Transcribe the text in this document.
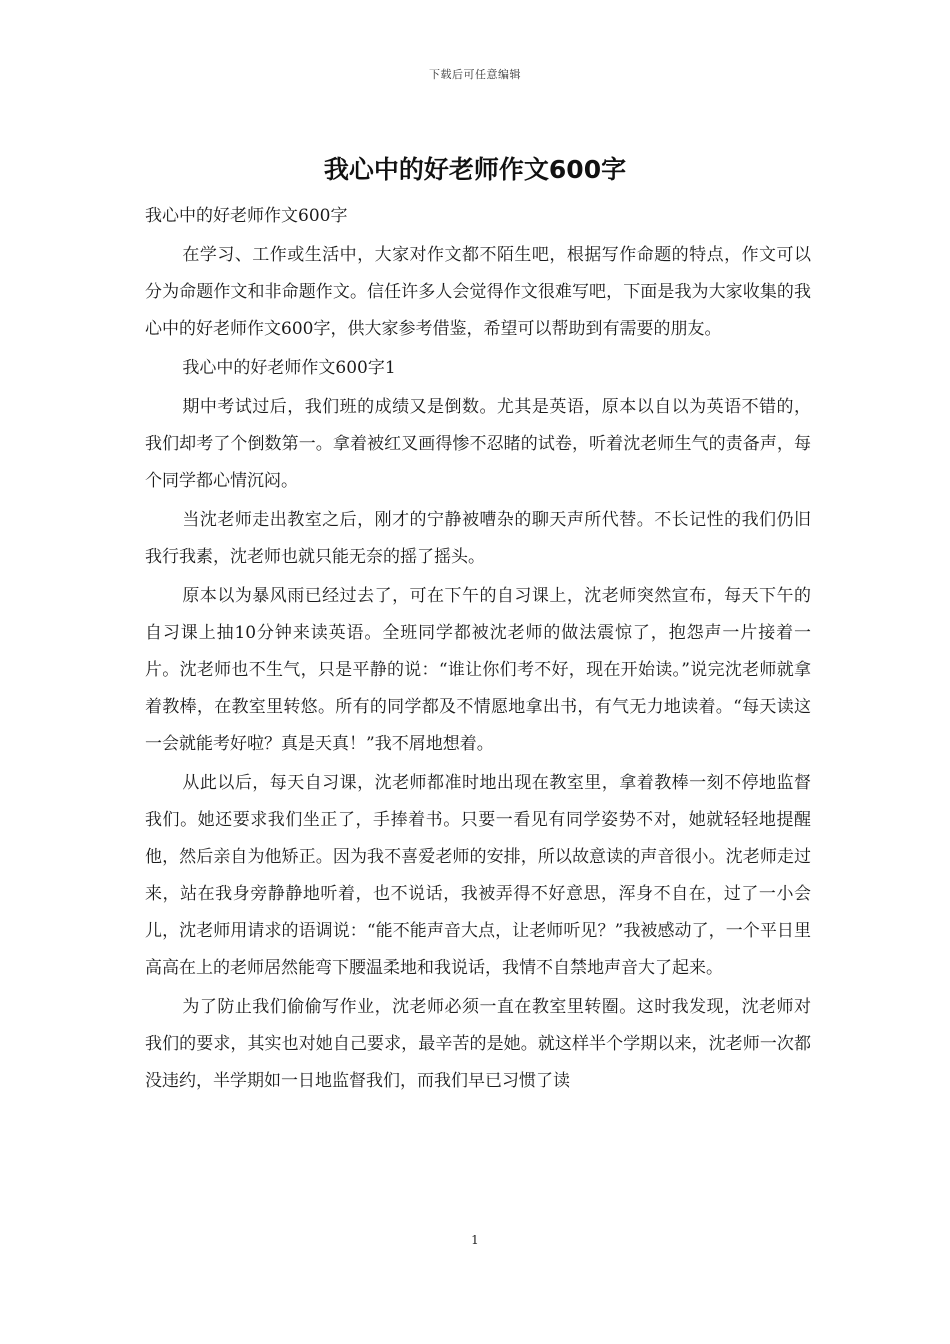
下载后可任意编辑
我心中的好老师作文600字

我心中的好老师作文600字

在学习、工作或生活中，大家对作文都不陌生吧，根据写作命题的特点，作文可以分为命题作文和非命题作文。信任许多人会觉得作文很难写吧，下面是我为大家收集的我心中的好老师作文600字，供大家参考借鉴，希望可以帮助到有需要的朋友。

我心中的好老师作文600字1

期中考试过后，我们班的成绩又是倒数。尤其是英语，原本以自以为英语不错的，我们却考了个倒数第一。拿着被红叉画得惨不忍睹的试卷，听着沈老师生气的责备声，每个同学都心情沉闷。

当沈老师走出教室之后，刚才的宁静被嘈杂的聊天声所代替。不长记性的我们仍旧我行我素，沈老师也就只能无奈的摇了摇头。

原本以为暴风雨已经过去了，可在下午的自习课上，沈老师突然宣布，每天下午的自习课上抽10分钟来读英语。全班同学都被沈老师的做法震惊了，抱怨声一片接着一片。沈老师也不生气，只是平静的说：“谁让你们考不好，现在开始读。”说完沈老师就拿着教棒，在教室里转悠。所有的同学都及不情愿地拿出书，有气无力地读着。“每天读这一会就能考好啦？真是天真！”我不屑地想着。

从此以后，每天自习课，沈老师都准时地出现在教室里，拿着教棒一刻不停地监督我们。她还要求我们坐正了，手捧着书。只要一看见有同学姿势不对，她就轻轻地提醒他，然后亲自为他矫正。因为我不喜爱老师的安排，所以故意读的声音很小。沈老师走过来，站在我身旁静静地听着，也不说话，我被弄得不好意思，浑身不自在，过了一小会儿，沈老师用请求的语调说：“能不能声音大点，让老师听见？”我被感动了，一个平日里高高在上的老师居然能弯下腰温柔地和我说话，我情不自禁地声音大了起来。

为了防止我们偷偷写作业，沈老师必须一直在教室里转圈。这时我发现，沈老师对我们的要求，其实也对她自己要求，最辛苦的是她。就这样半个学期以来，沈老师一次都没违约，半学期如一日地监督我们，而我们早已习惯了读

1
